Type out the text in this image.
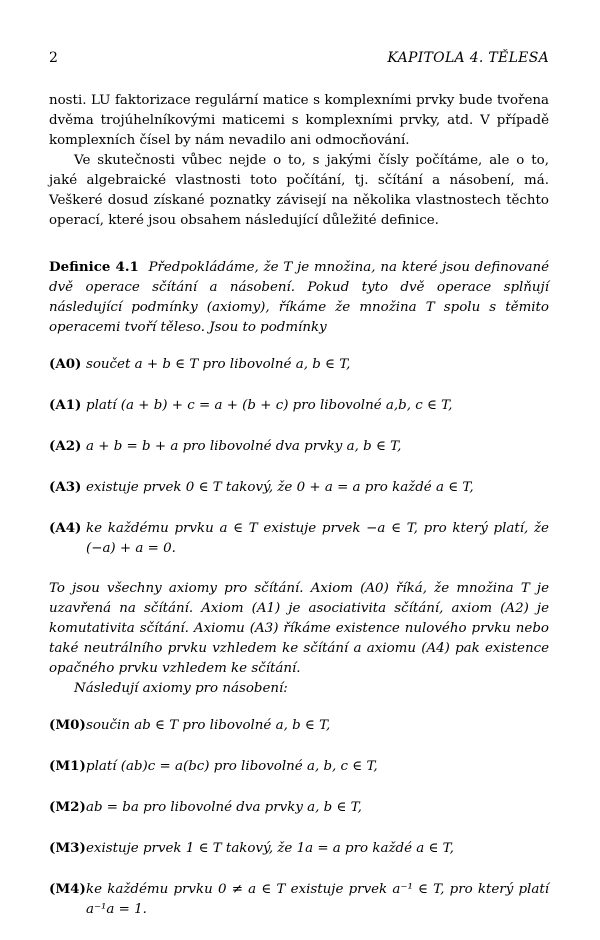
2	KAPITOLA 4. TĚLESA

nosti. LU faktorizace regulární matice s komplexními prvky bude tvořena dvěma trojúhelníkovými maticemi s komplexními prvky, atd. V případě komplexních čísel by nám nevadilo ani odmocňování.

Ve skutečnosti vůbec nejde o to, s jakými čísly počítáme, ale o to, jaké algebraické vlastnosti toto počítání, tj. sčítání a násobení, má. Veškeré dosud získané poznatky závisejí na několika vlastnostech těchto operací, které jsou obsahem následující důležité definice.

Definice 4.1 Předpokládáme, že T je množina, na které jsou definované dvě operace sčítání a násobení. Pokud tyto dvě operace splňují následující podmínky (axiomy), říkáme že množina T spolu s těmito operacemi tvoří těleso. Jsou to podmínky

(A0) součet a + b ∈ T pro libovolné a, b ∈ T,

(A1) platí (a + b) + c = a + (b + c) pro libovolné a,b, c ∈ T,

(A2) a + b = b + a pro libovolné dva prvky a, b ∈ T,

(A3) existuje prvek 0 ∈ T takový, že 0 + a = a pro každé a ∈ T,

(A4) ke každému prvku a ∈ T existuje prvek −a ∈ T, pro který platí, že (−a) + a = 0.

To jsou všechny axiomy pro sčítání. Axiom (A0) říká, že množina T je uzavřená na sčítání. Axiom (A1) je asociativita sčítání, axiom (A2) je komutativita sčítání. Axiomu (A3) říkáme existence nulového prvku nebo také neutrálního prvku vzhledem ke sčítání a axiomu (A4) pak existence opačného prvku vzhledem ke sčítání.

Následují axiomy pro násobení:

(M0)součin ab ∈ T pro libovolné a, b ∈ T,

(M1)platí (ab)c = a(bc) pro libovolné a, b, c ∈ T,

(M2)ab = ba pro libovolné dva prvky a, b ∈ T,

(M3)existuje prvek 1 ∈ T takový, že 1a = a pro každé a ∈ T,

(M4)ke každému prvku 0 ≠ a ∈ T existuje prvek a⁻¹ ∈ T, pro který platí a⁻¹a = 1.
